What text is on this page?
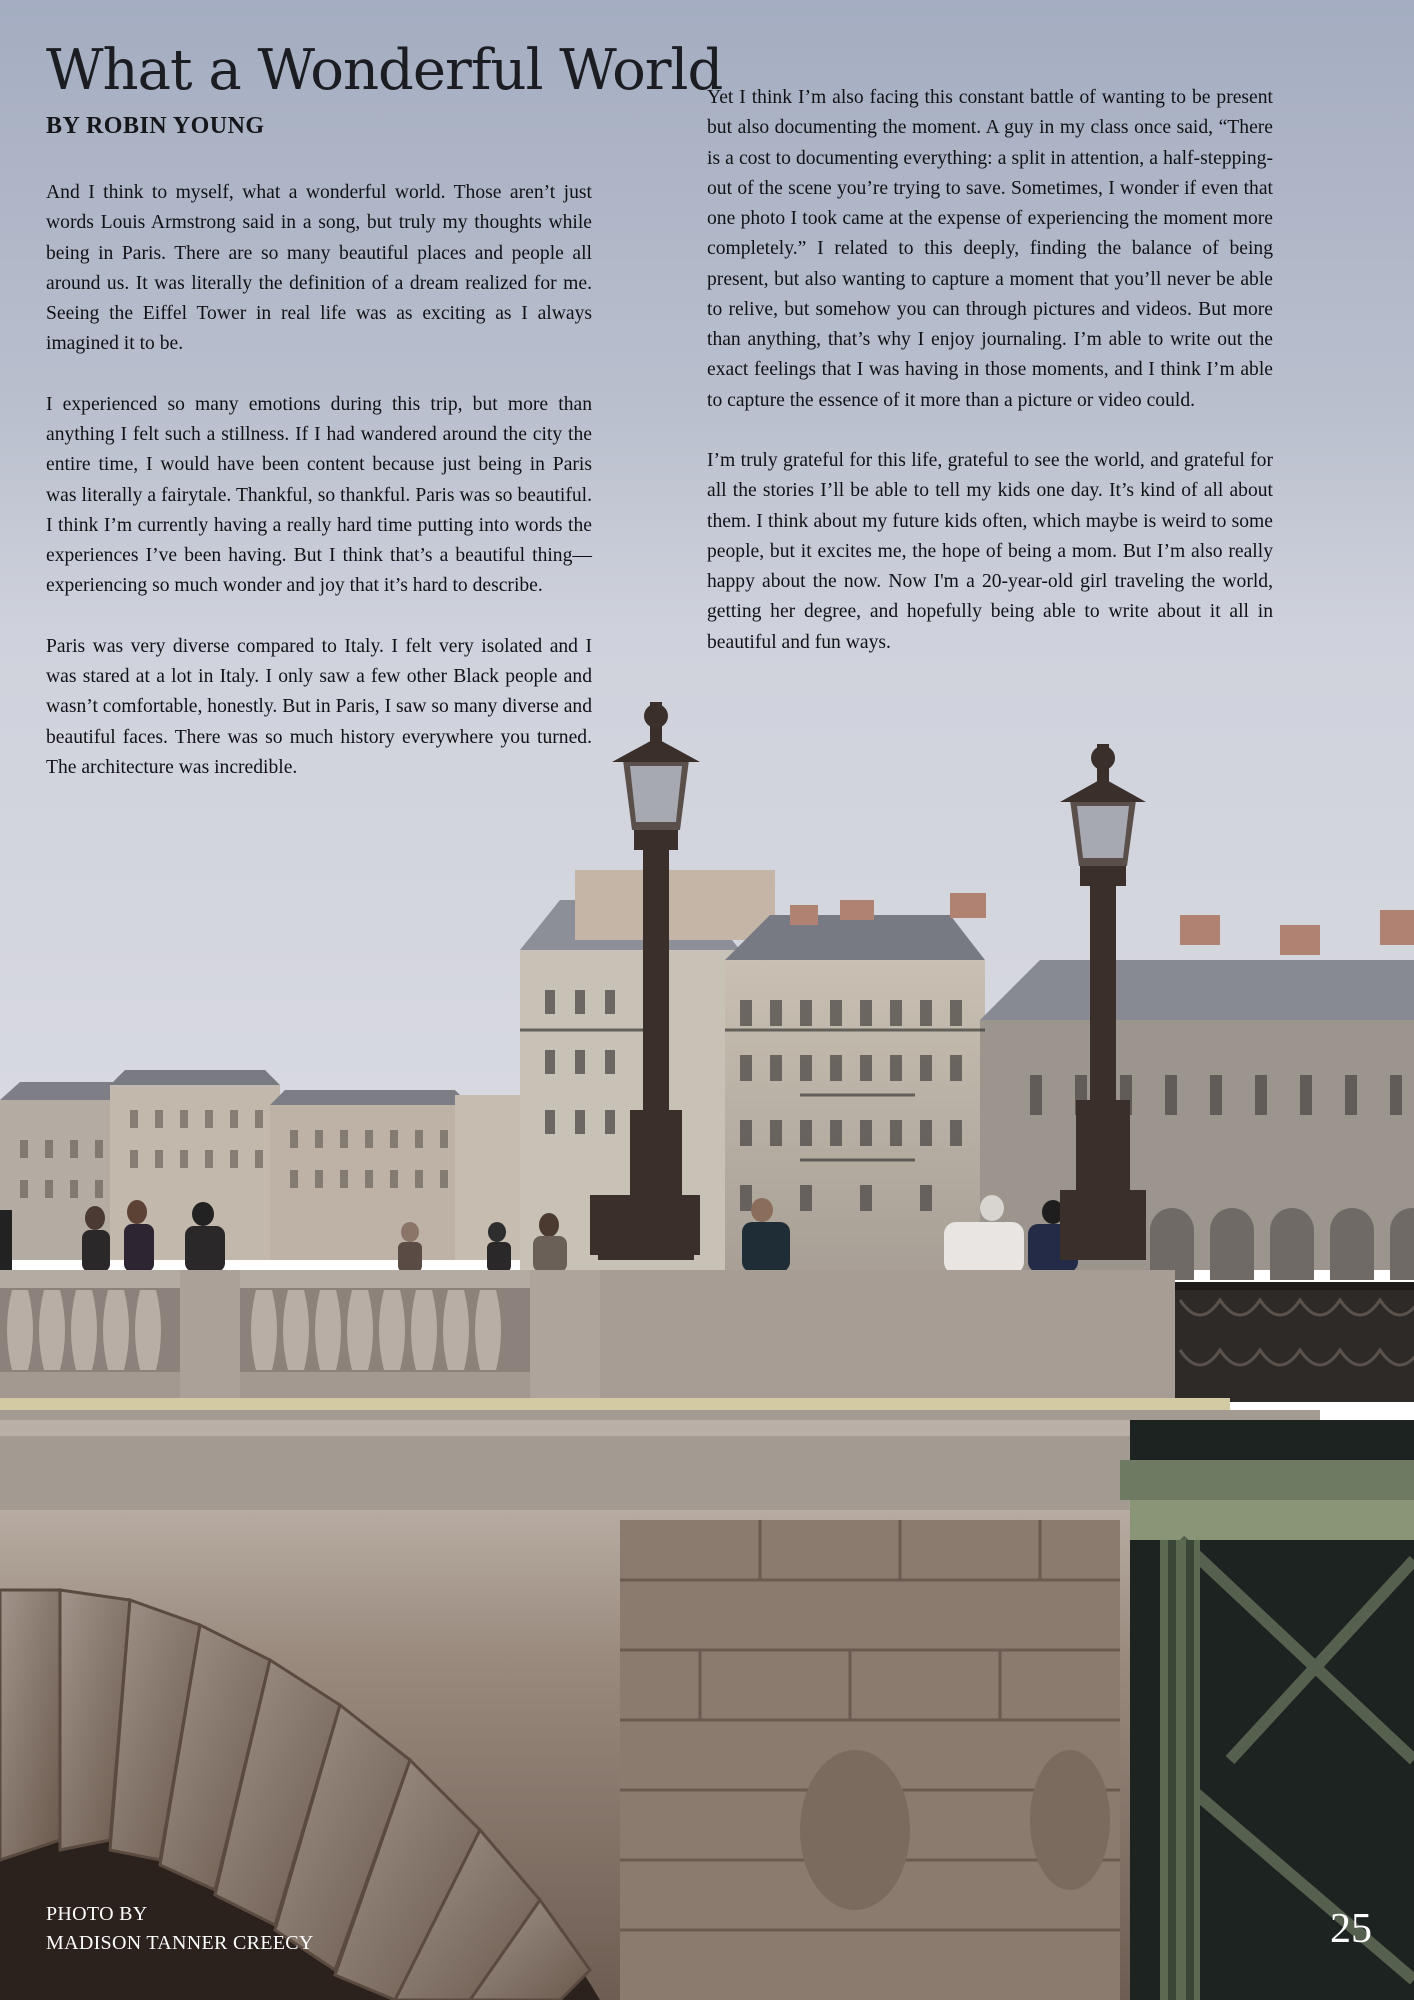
What a Wonderful World
BY ROBIN YOUNG

And I think to myself, what a wonderful world. Those aren’t just words Louis Armstrong said in a song, but truly my thoughts while being in Paris. There are so many beautiful places and people all around us. It was literally the definition of a dream realized for me. Seeing the Eiffel Tower in real life was as exciting as I always imagined it to be.

I experienced so many emotions during this trip, but more than anything I felt such a stillness. If I had wandered around the city the entire time, I would have been content because just being in Paris was literally a fairytale. Thankful, so thankful. Paris was so beautiful. I think I’m currently having a really hard time putting into words the experiences I’ve been having. But I think that’s a beautiful thing—experiencing so much wonder and joy that it’s hard to describe.

Paris was very diverse compared to Italy. I felt very isolated and I was stared at a lot in Italy. I only saw a few other Black people and wasn’t comfortable, honestly. But in Paris, I saw so many diverse and beautiful faces. There was so much history everywhere you turned. The architecture was incredible.

Yet I think I’m also facing this constant battle of wanting to be present but also documenting the moment. A guy in my class once said, “There is a cost to documenting everything: a split in attention, a half-stepping-out of the scene you’re trying to save. Sometimes, I wonder if even that one photo I took came at the expense of experiencing the moment more completely.” I related to this deeply, finding the balance of being present, but also wanting to capture a moment that you’ll never be able to relive, but somehow you can through pictures and videos. But more than anything, that’s why I enjoy journaling. I’m able to write out the exact feelings that I was having in those moments, and I think I’m able to capture the essence of it more than a picture or video could.

I’m truly grateful for this life, grateful to see the world, and grateful for all the stories I’ll be able to tell my kids one day. It’s kind of all about them. I think about my future kids often, which maybe is weird to some people, but it excites me, the hope of being a mom. But I’m also really happy about the now. Now I'm a 20-year-old girl traveling the world, getting her degree, and hopefully being able to write about it all in beautiful and fun ways.

PHOTO BY
MADISON TANNER CREECY	25
